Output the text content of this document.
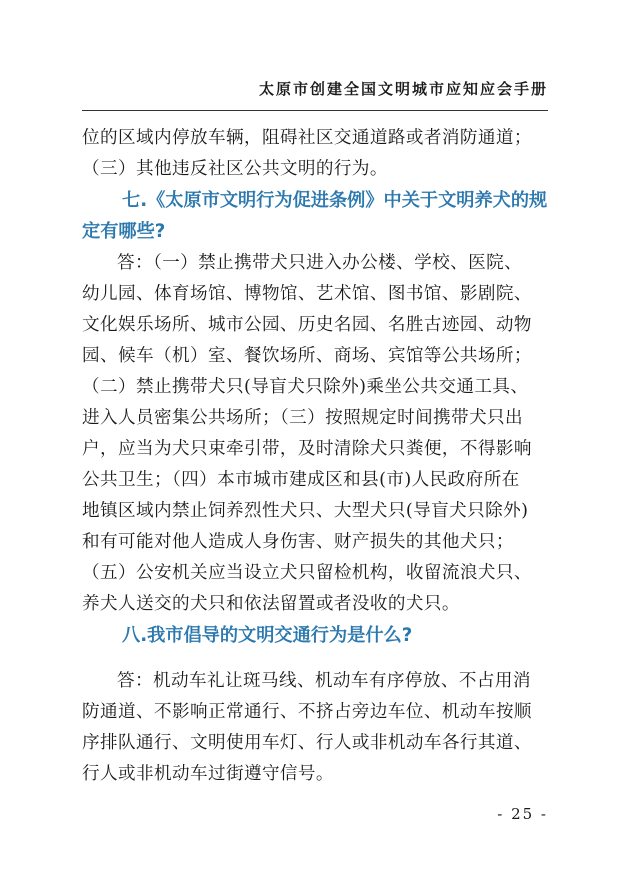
太原市创建全国文明城市应知应会手册
位的区域内停放车辆，阻碍社区交通道路或者消防通道；
（三）其他违反社区公共文明的行为。
七.《太原市文明行为促进条例》中关于文明养犬的规
定有哪些?
答：（一）禁止携带犬只进入办公楼、学校、医院、
幼儿园、体育场馆、博物馆、艺术馆、图书馆、影剧院、
文化娱乐场所、城市公园、历史名园、名胜古迹园、动物
园、候车（机）室、餐饮场所、商场、宾馆等公共场所；
（二）禁止携带犬只(导盲犬只除外)乘坐公共交通工具、
进入人员密集公共场所；（三）按照规定时间携带犬只出
户，应当为犬只束牵引带，及时清除犬只粪便，不得影响
公共卫生；（四）本市城市建成区和县(市)人民政府所在
地镇区域内禁止饲养烈性犬只、大型犬只(导盲犬只除外)
和有可能对他人造成人身伤害、财产损失的其他犬只；
（五）公安机关应当设立犬只留检机构，收留流浪犬只、
养犬人送交的犬只和依法留置或者没收的犬只。
八.我市倡导的文明交通行为是什么?
答：机动车礼让斑马线、机动车有序停放、不占用消
防通道、不影响正常通行、不挤占旁边车位、机动车按顺
序排队通行、文明使用车灯、行人或非机动车各行其道、
行人或非机动车过街遵守信号。
- 25 -
